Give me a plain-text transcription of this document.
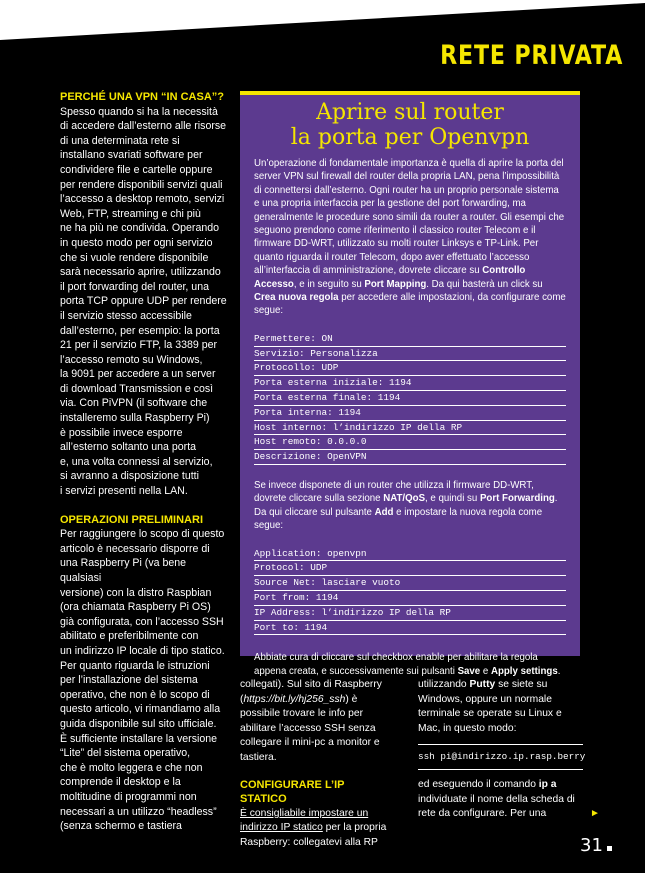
RETE PRIVATA
PERCHÉ UNA VPN “IN CASA”?
Spesso quando si ha la necessità
di accedere dall’esterno alle risorse
di una determinata rete si
installano svariati software per
condividere file e cartelle oppure
per rendere disponibili servizi quali
l’accesso a desktop remoto, servizi
Web, FTP, streaming e chi più
ne ha più ne condivida. Operando
in questo modo per ogni servizio
che si vuole rendere disponibile
sarà necessario aprire, utilizzando
il port forwarding del router, una
porta TCP oppure UDP per rendere
il servizio stesso accessibile
dall’esterno, per esempio: la porta
21 per il servizio FTP, la 3389 per
l’accesso remoto su Windows,
la 9091 per accedere a un server
di download Transmission e così
via. Con PiVPN (il software che
installeremo sulla Raspberry Pi)
è possibile invece esporre
all’esterno soltanto una porta
e, una volta connessi al servizio,
si avranno a disposizione tutti
i servizi presenti nella LAN.
OPERAZIONI PRELIMINARI
Per raggiungere lo scopo di questo
articolo è necessario disporre di
una Raspberry Pi (va bene qualsiasi
versione) con la distro Raspbian
(ora chiamata Raspberry Pi OS)
già configurata, con l’accesso SSH
abilitato e preferibilmente con
un indirizzo IP locale di tipo statico.
Per quanto riguarda le istruzioni
per l’installazione del sistema
operativo, che non è lo scopo di
questo articolo, vi rimandiamo alla
guida disponibile sul sito ufficiale.
È sufficiente installare la versione
“Lite” del sistema operativo,
che è molto leggera e che non
comprende il desktop e la
moltitudine di programmi non
necessari a un utilizzo “headless”
(senza schermo e tastiera
Aprire sul router
la porta per Openvpn
Un’operazione di fondamentale importanza è quella di aprire la porta del server VPN sul firewall del router della propria LAN, pena l’impossibilità di connettersi dall’esterno. Ogni router ha un proprio personale sistema e una propria interfaccia per la gestione del port forwarding, ma generalmente le procedure sono simili da router a router. Gli esempi che seguono prendono come riferimento il classico router Telecom e il firmware DD-WRT, utilizzato su molti router Linksys e TP-Link. Per quanto riguarda il router Telecom, dopo aver effettuato l’accesso all’interfaccia di amministrazione, dovrete cliccare su Controllo Accesso, e in seguito su Port Mapping. Da qui basterà un click su Crea nuova regola per accedere alle impostazioni, da configurare come segue:
Permettere: ON
Servizio: Personalizza
Protocollo: UDP
Porta esterna iniziale: 1194
Porta esterna finale: 1194
Porta interna: 1194
Host interno: l’indirizzo IP della RP
Host remoto: 0.0.0.0
Descrizione: OpenVPN
Se invece disponete di un router che utilizza il firmware DD-WRT, dovrete cliccare sulla sezione NAT/QoS, e quindi su Port Forwarding. Da qui cliccare sul pulsante Add e impostare la nuova regola come segue:
Application: openvpn
Protocol: UDP
Source Net: lasciare vuoto
Port from: 1194
IP Address: l’indirizzo IP della RP
Port to: 1194
Abbiate cura di cliccare sul checkbox enable per abilitare la regola appena creata, e successivamente sui pulsanti Save e Apply settings.
collegati). Sul sito di Raspberry (https://bit.ly/hj256_ssh) è possibile trovare le info per abilitare l’accesso SSH senza collegare il mini-pc a monitor e tastiera.
CONFIGURARE L’IP STATICO
È consigliabile impostare un indirizzo IP statico per la propria Raspberry: collegatevi alla RP
utilizzando Putty se siete su Windows, oppure un normale terminale se operate su Linux e Mac, in questo modo:
ssh pi@indirizzo.ip.rasp.berry
ed eseguendo il comando ip a individuate il nome della scheda di rete da configurare. Per una	►
31
